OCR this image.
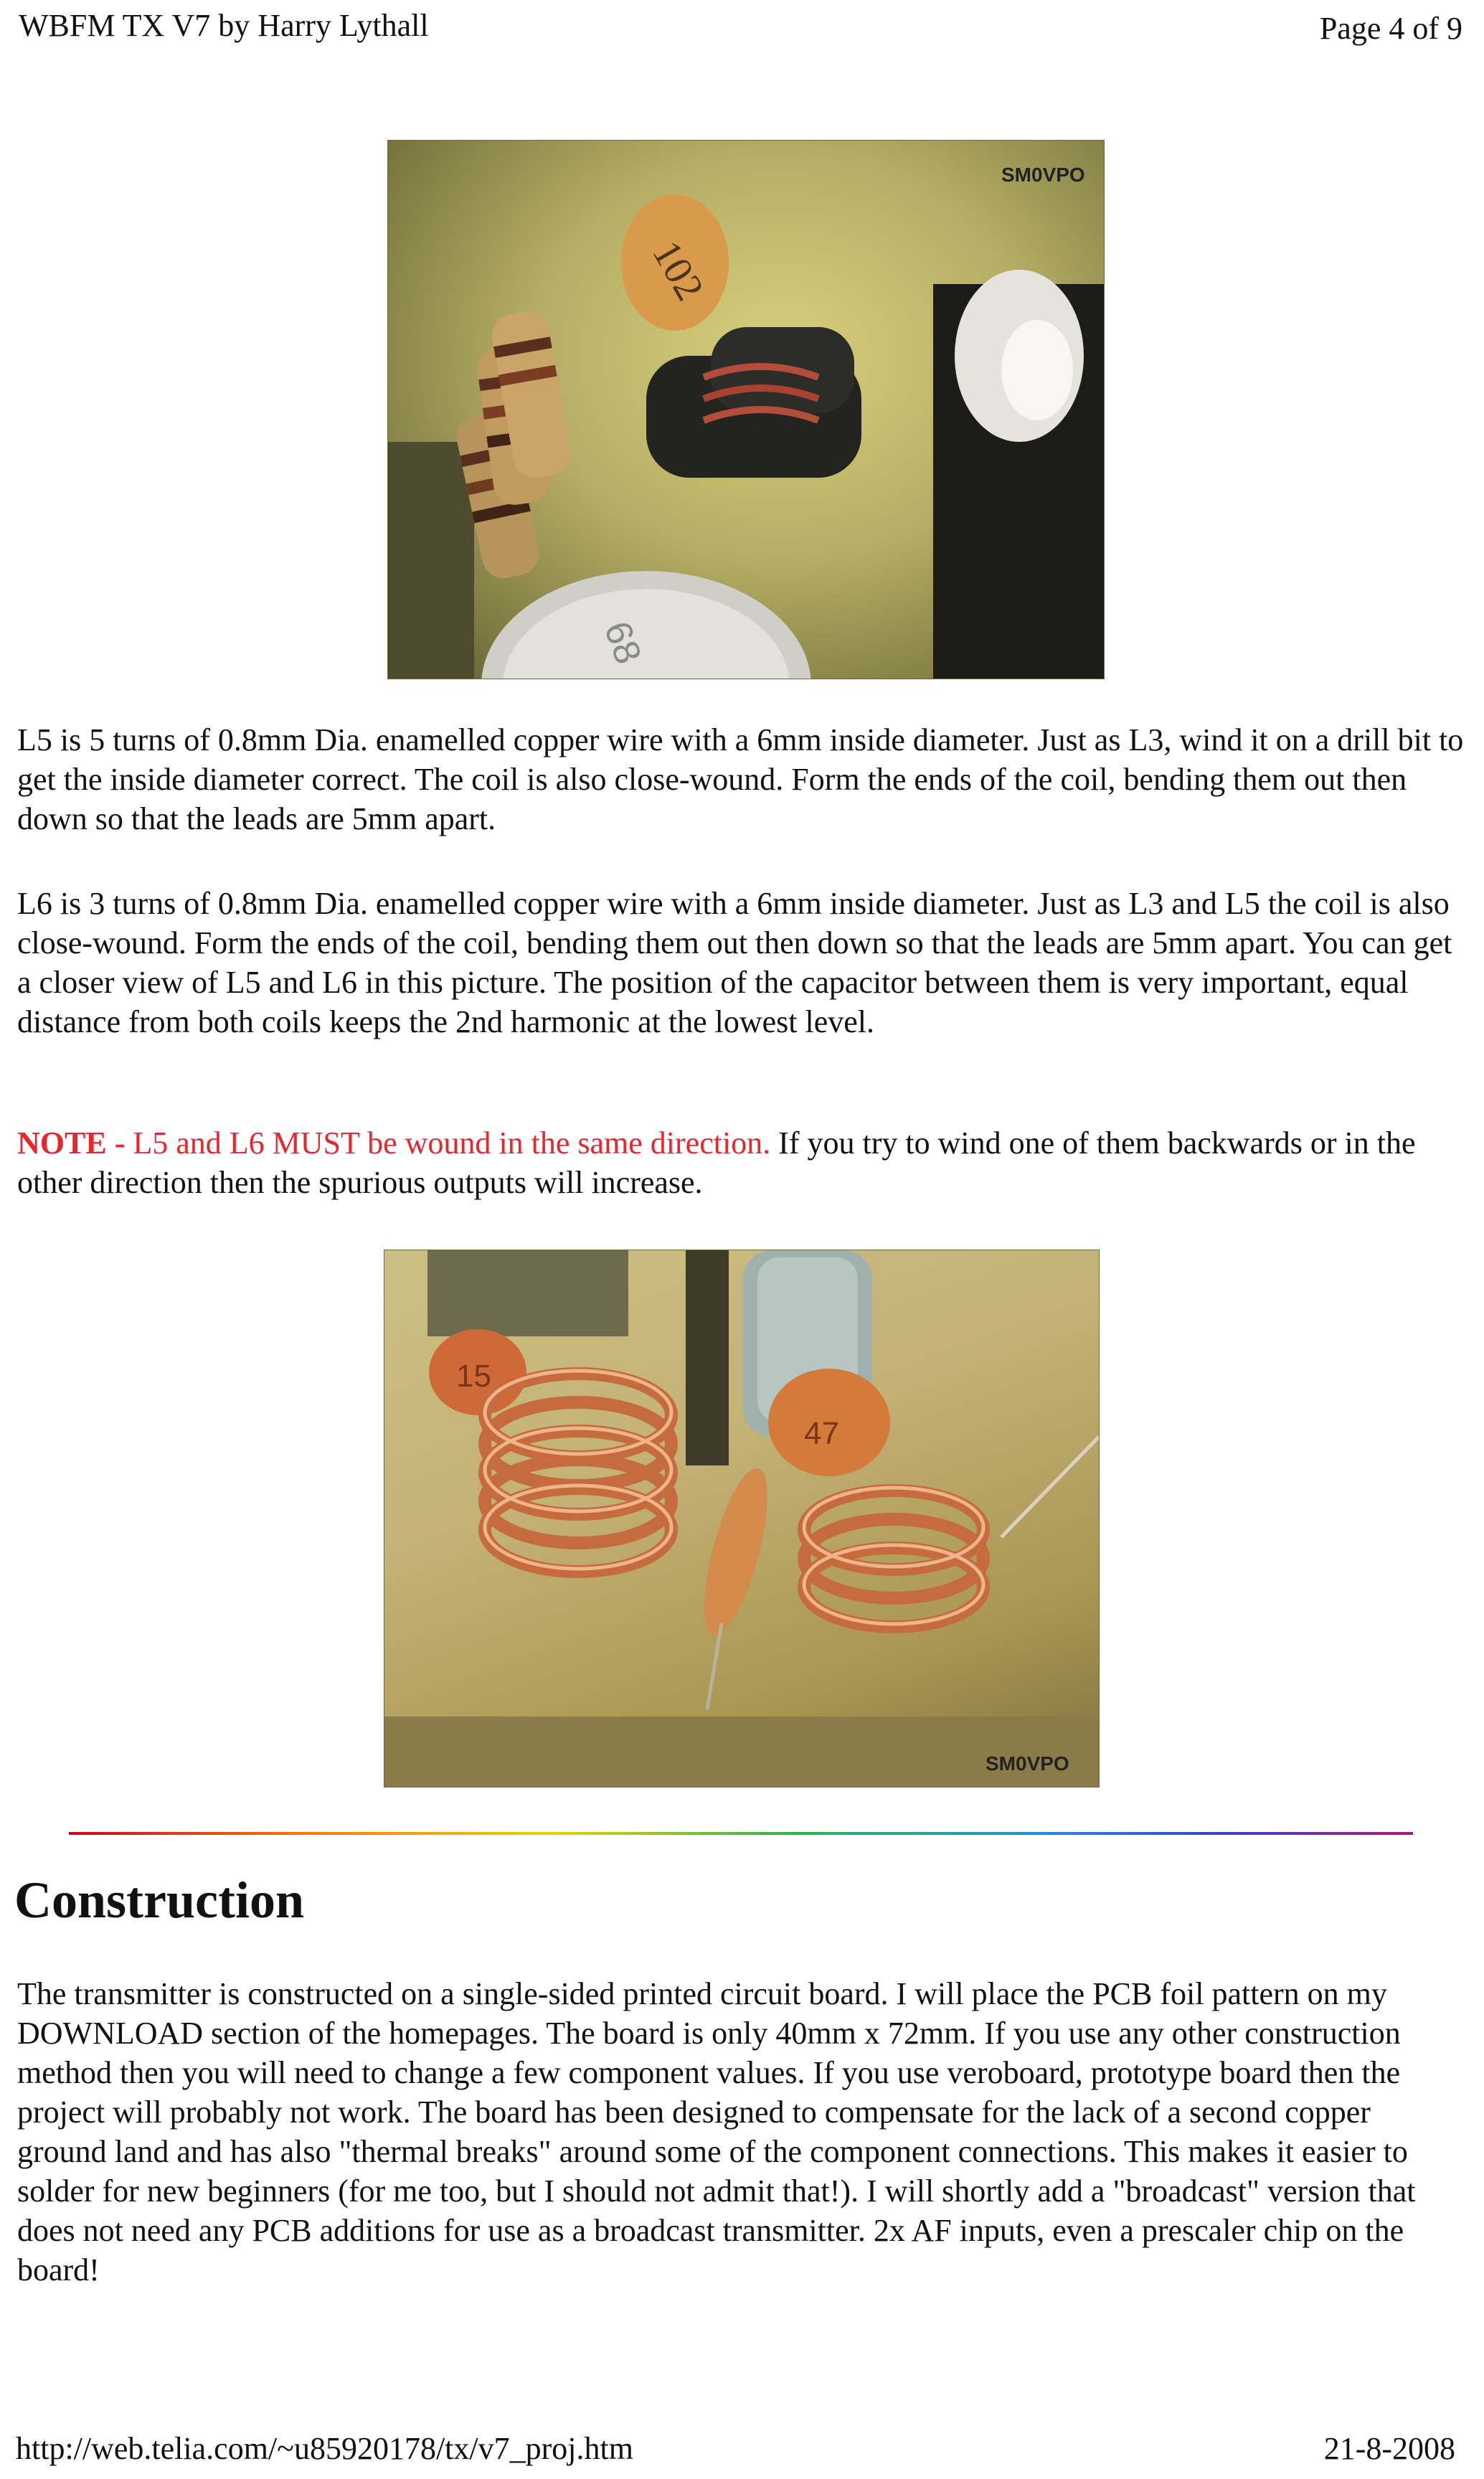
WBFM TX V7 by Harry Lythall	Page 4 of 9
102
68
SM0VPO

L5 is 5 turns of 0.8mm Dia. enamelled copper wire with a 6mm inside diameter. Just as L3, wind it on a drill bit to get the inside diameter correct. The coil is also close-wound. Form the ends of the coil, bending them out then down so that the leads are 5mm apart.

L6 is 3 turns of 0.8mm Dia. enamelled copper wire with a 6mm inside diameter. Just as L3 and L5 the coil is also close-wound. Form the ends of the coil, bending them out then down so that the leads are 5mm apart. You can get a closer view of L5 and L6 in this picture. The position of the capacitor between them is very important, equal distance from both coils keeps the 2nd harmonic at the lowest level.

NOTE - L5 and L6 MUST be wound in the same direction. If you try to wind one of them backwards or in the other direction then the spurious outputs will increase.

15
47
SM0VPO
Construction

The transmitter is constructed on a single-sided printed circuit board. I will place the PCB foil pattern on my DOWNLOAD section of the homepages. The board is only 40mm x 72mm. If you use any other construction method then you will need to change a few component values. If you use veroboard, prototype board then the project will probably not work. The board has been designed to compensate for the lack of a second copper ground land and has also "thermal breaks" around some of the component connections. This makes it easier to solder for new beginners (for me too, but I should not admit that!). I will shortly add a "broadcast" version that does not need any PCB additions for use as a broadcast transmitter. 2x AF inputs, even a prescaler chip on the board!

http://web.telia.com/~u85920178/tx/v7_proj.htm	21-8-2008
